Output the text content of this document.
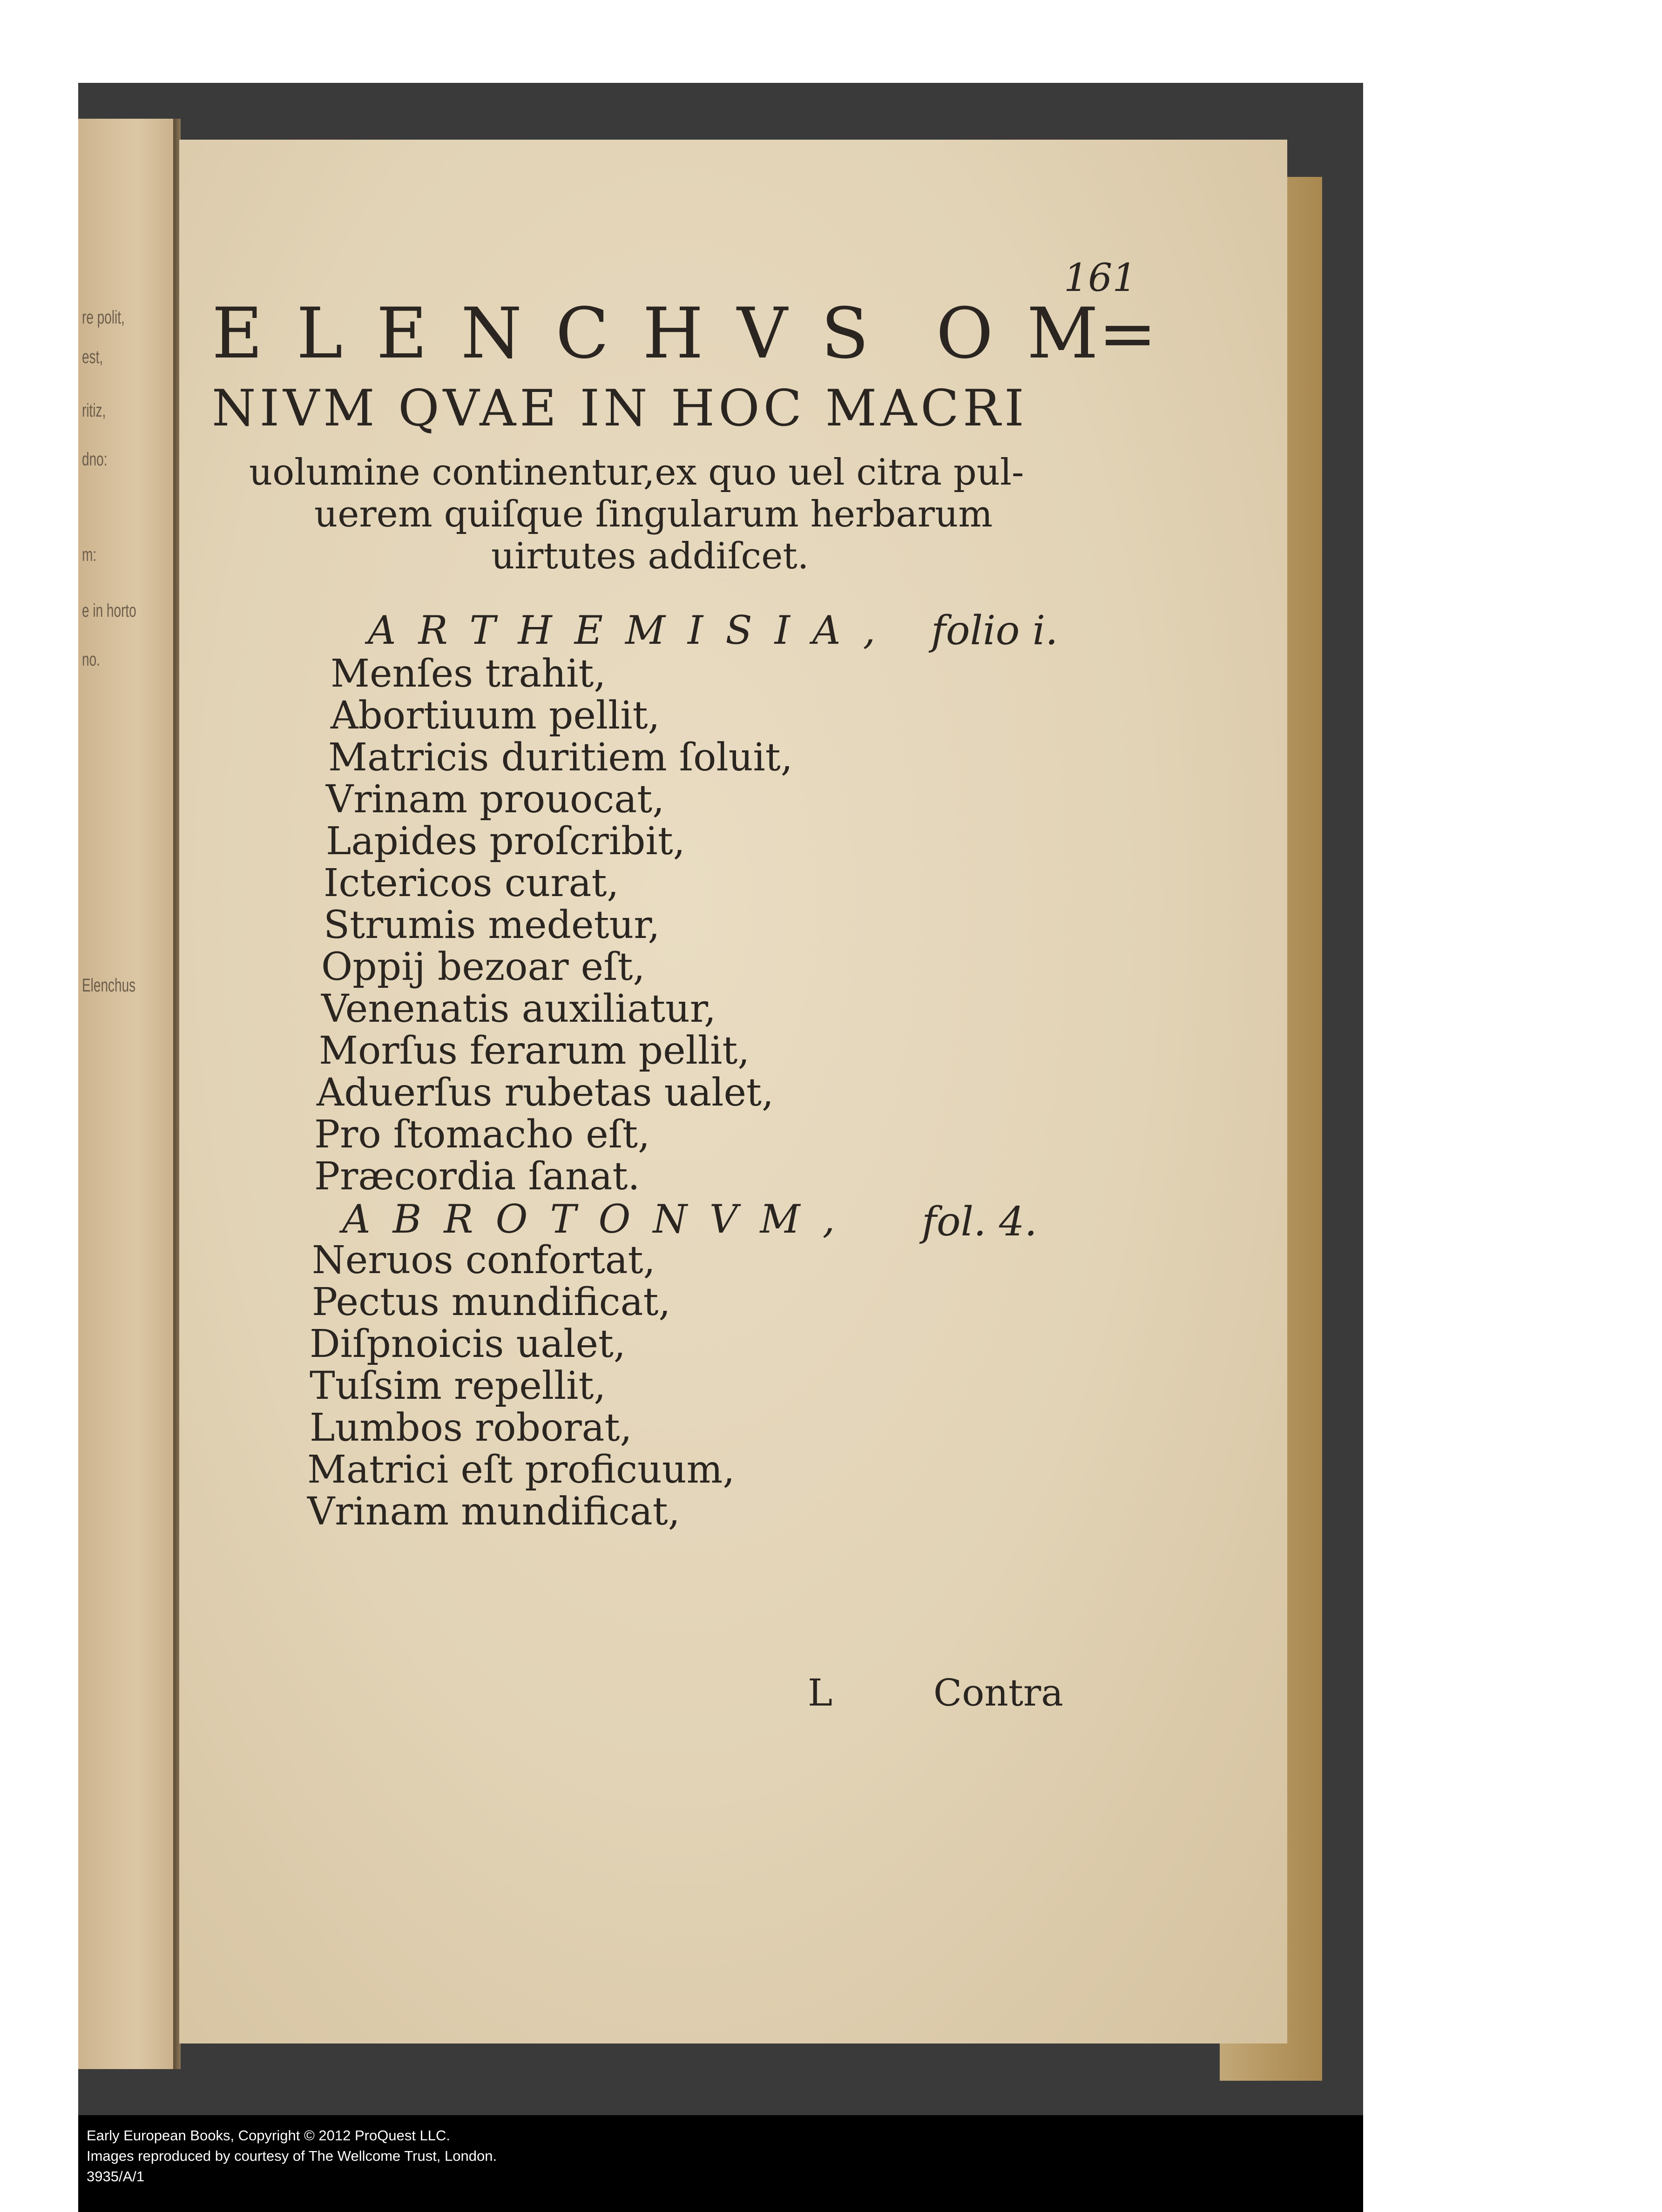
re polit,
est,
ritiz,
dno:
m:
e in horto
no.
Elenchus
161
E L E N C H V S O M=
NIVM QVAE IN HOC MACRI
uolumine continentur,ex quo uel citra pul-
uerem quiſque ſingularum herbarum
uirtutes addiſcet.
ARTHEMISIA, folio i.
Menſes trahit,
Abortiuum pellit,
Matricis duritiem ſoluit,
Vrinam prouocat,
Lapides proſcribit,
Ictericos curat,
Strumis medetur,
Oppij bezoar eſt,
Venenatis auxiliatur,
Morſus ferarum pellit,
Aduerſus rubetas ualet,
Pro ſtomacho eſt,
Præcordia ſanat.
ABROTONVM, fol. 4.
Neruos confortat,
Pectus mundificat,
Diſpnoicis ualet,
Tuſsim repellit,
Lumbos roborat,
Matrici eſt proficuum,
Vrinam mundificat,
L	Contra
Early European Books, Copyright © 2012 ProQuest LLC.
Images reproduced by courtesy of The Wellcome Trust, London.
3935/A/1
